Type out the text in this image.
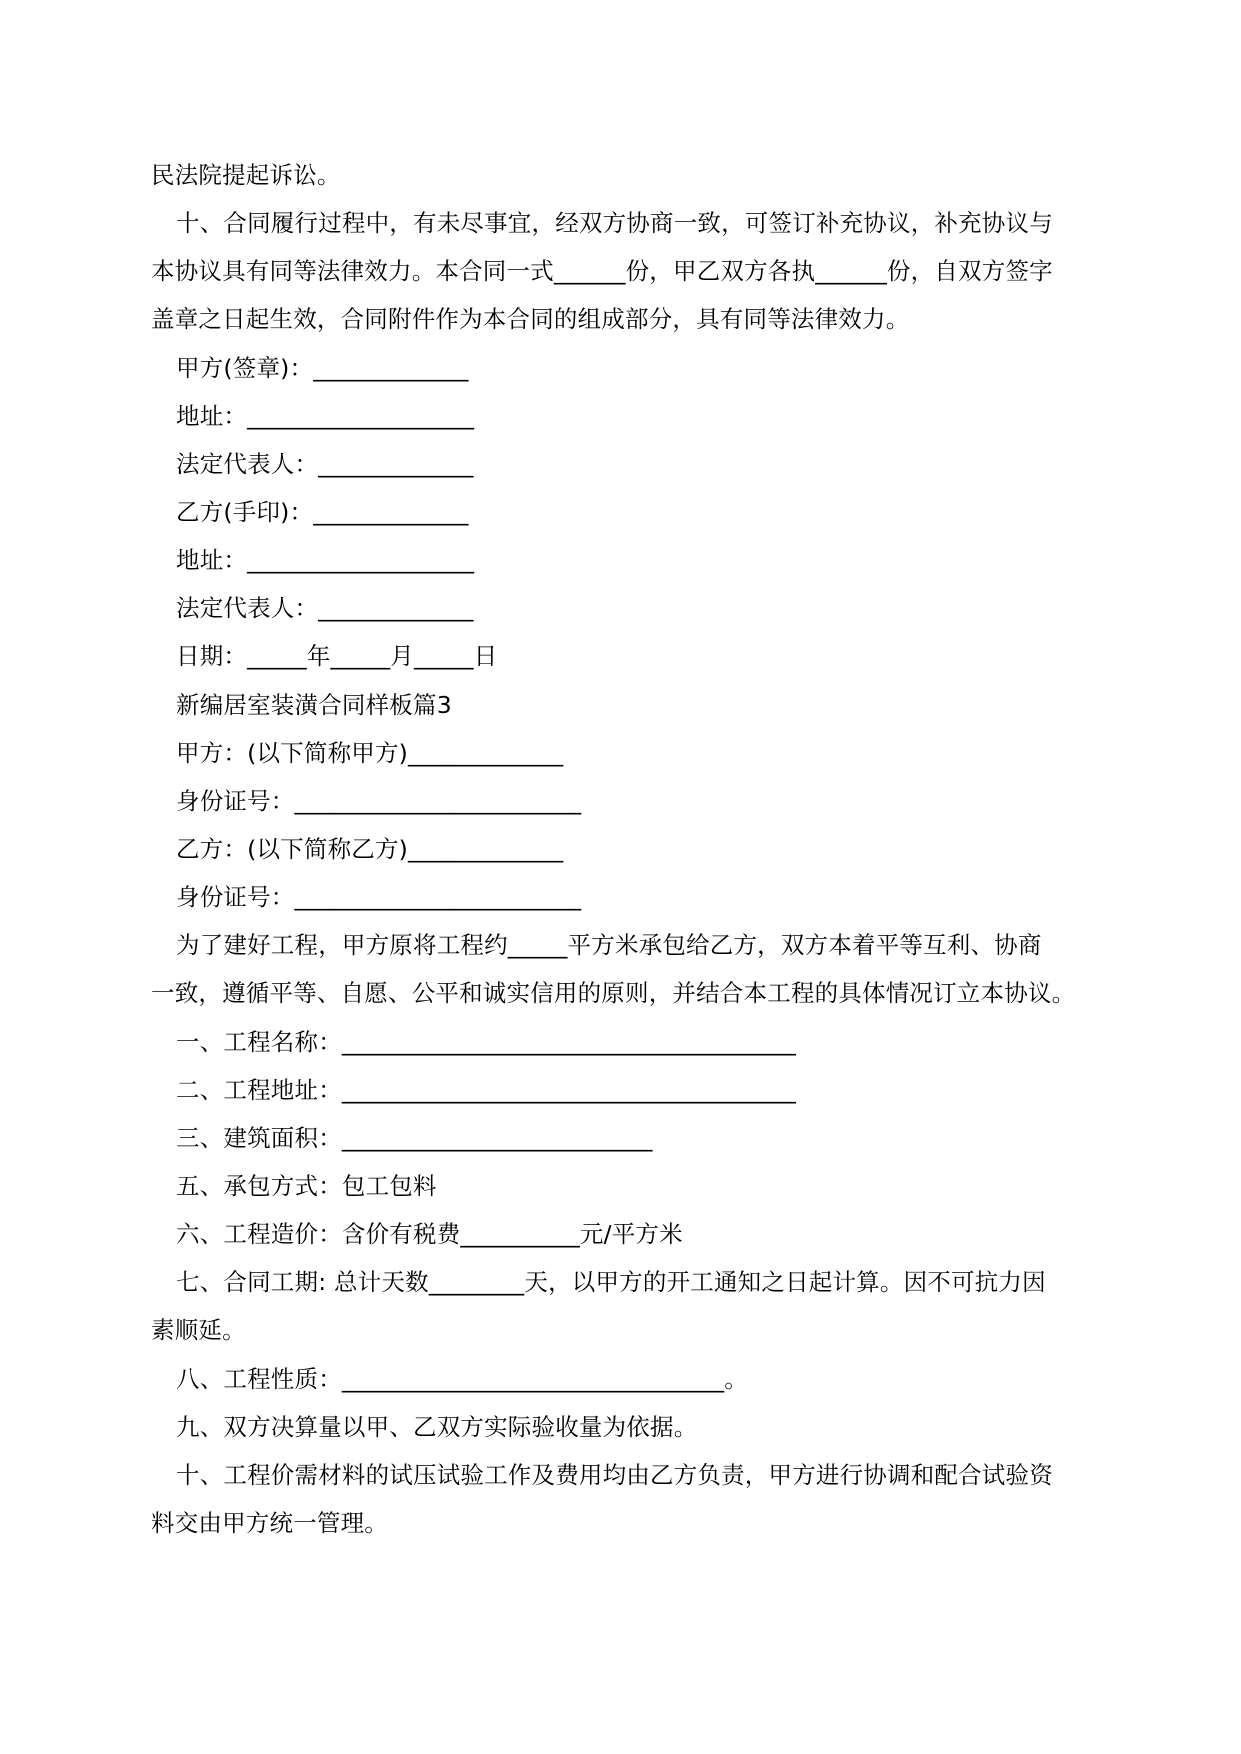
民法院提起诉讼。
十、合同履行过程中，有未尽事宜，经双方协商一致，可签订补充协议，补充协议与
本协议具有同等法律效力。本合同一式______份，甲乙双方各执______份，自双方签字
盖章之日起生效，合同附件作为本合同的组成部分，具有同等法律效力。
甲方(签章)：_____________
地址：___________________
法定代表人：_____________
乙方(手印)：_____________
地址：___________________
法定代表人：_____________
日期：_____年_____月_____日
新编居室装潢合同样板篇3
甲方：(以下简称甲方)_____________
身份证号：________________________
乙方：(以下简称乙方)_____________
身份证号：________________________
为了建好工程，甲方原将工程约_____平方米承包给乙方，双方本着平等互利、协商
一致，遵循平等、自愿、公平和诚实信用的原则，并结合本工程的具体情况订立本协议。
一、工程名称：______________________________________
二、工程地址：______________________________________
三、建筑面积：__________________________
五、承包方式：包工包料
六、工程造价：含价有税费__________元/平方米
七、合同工期: 总计天数________天，以甲方的开工通知之日起计算。因不可抗力因
素顺延。
八、工程性质：________________________________。
九、双方决算量以甲、乙双方实际验收量为依据。
十、工程价需材料的试压试验工作及费用均由乙方负责，甲方进行协调和配合试验资
料交由甲方统一管理。
